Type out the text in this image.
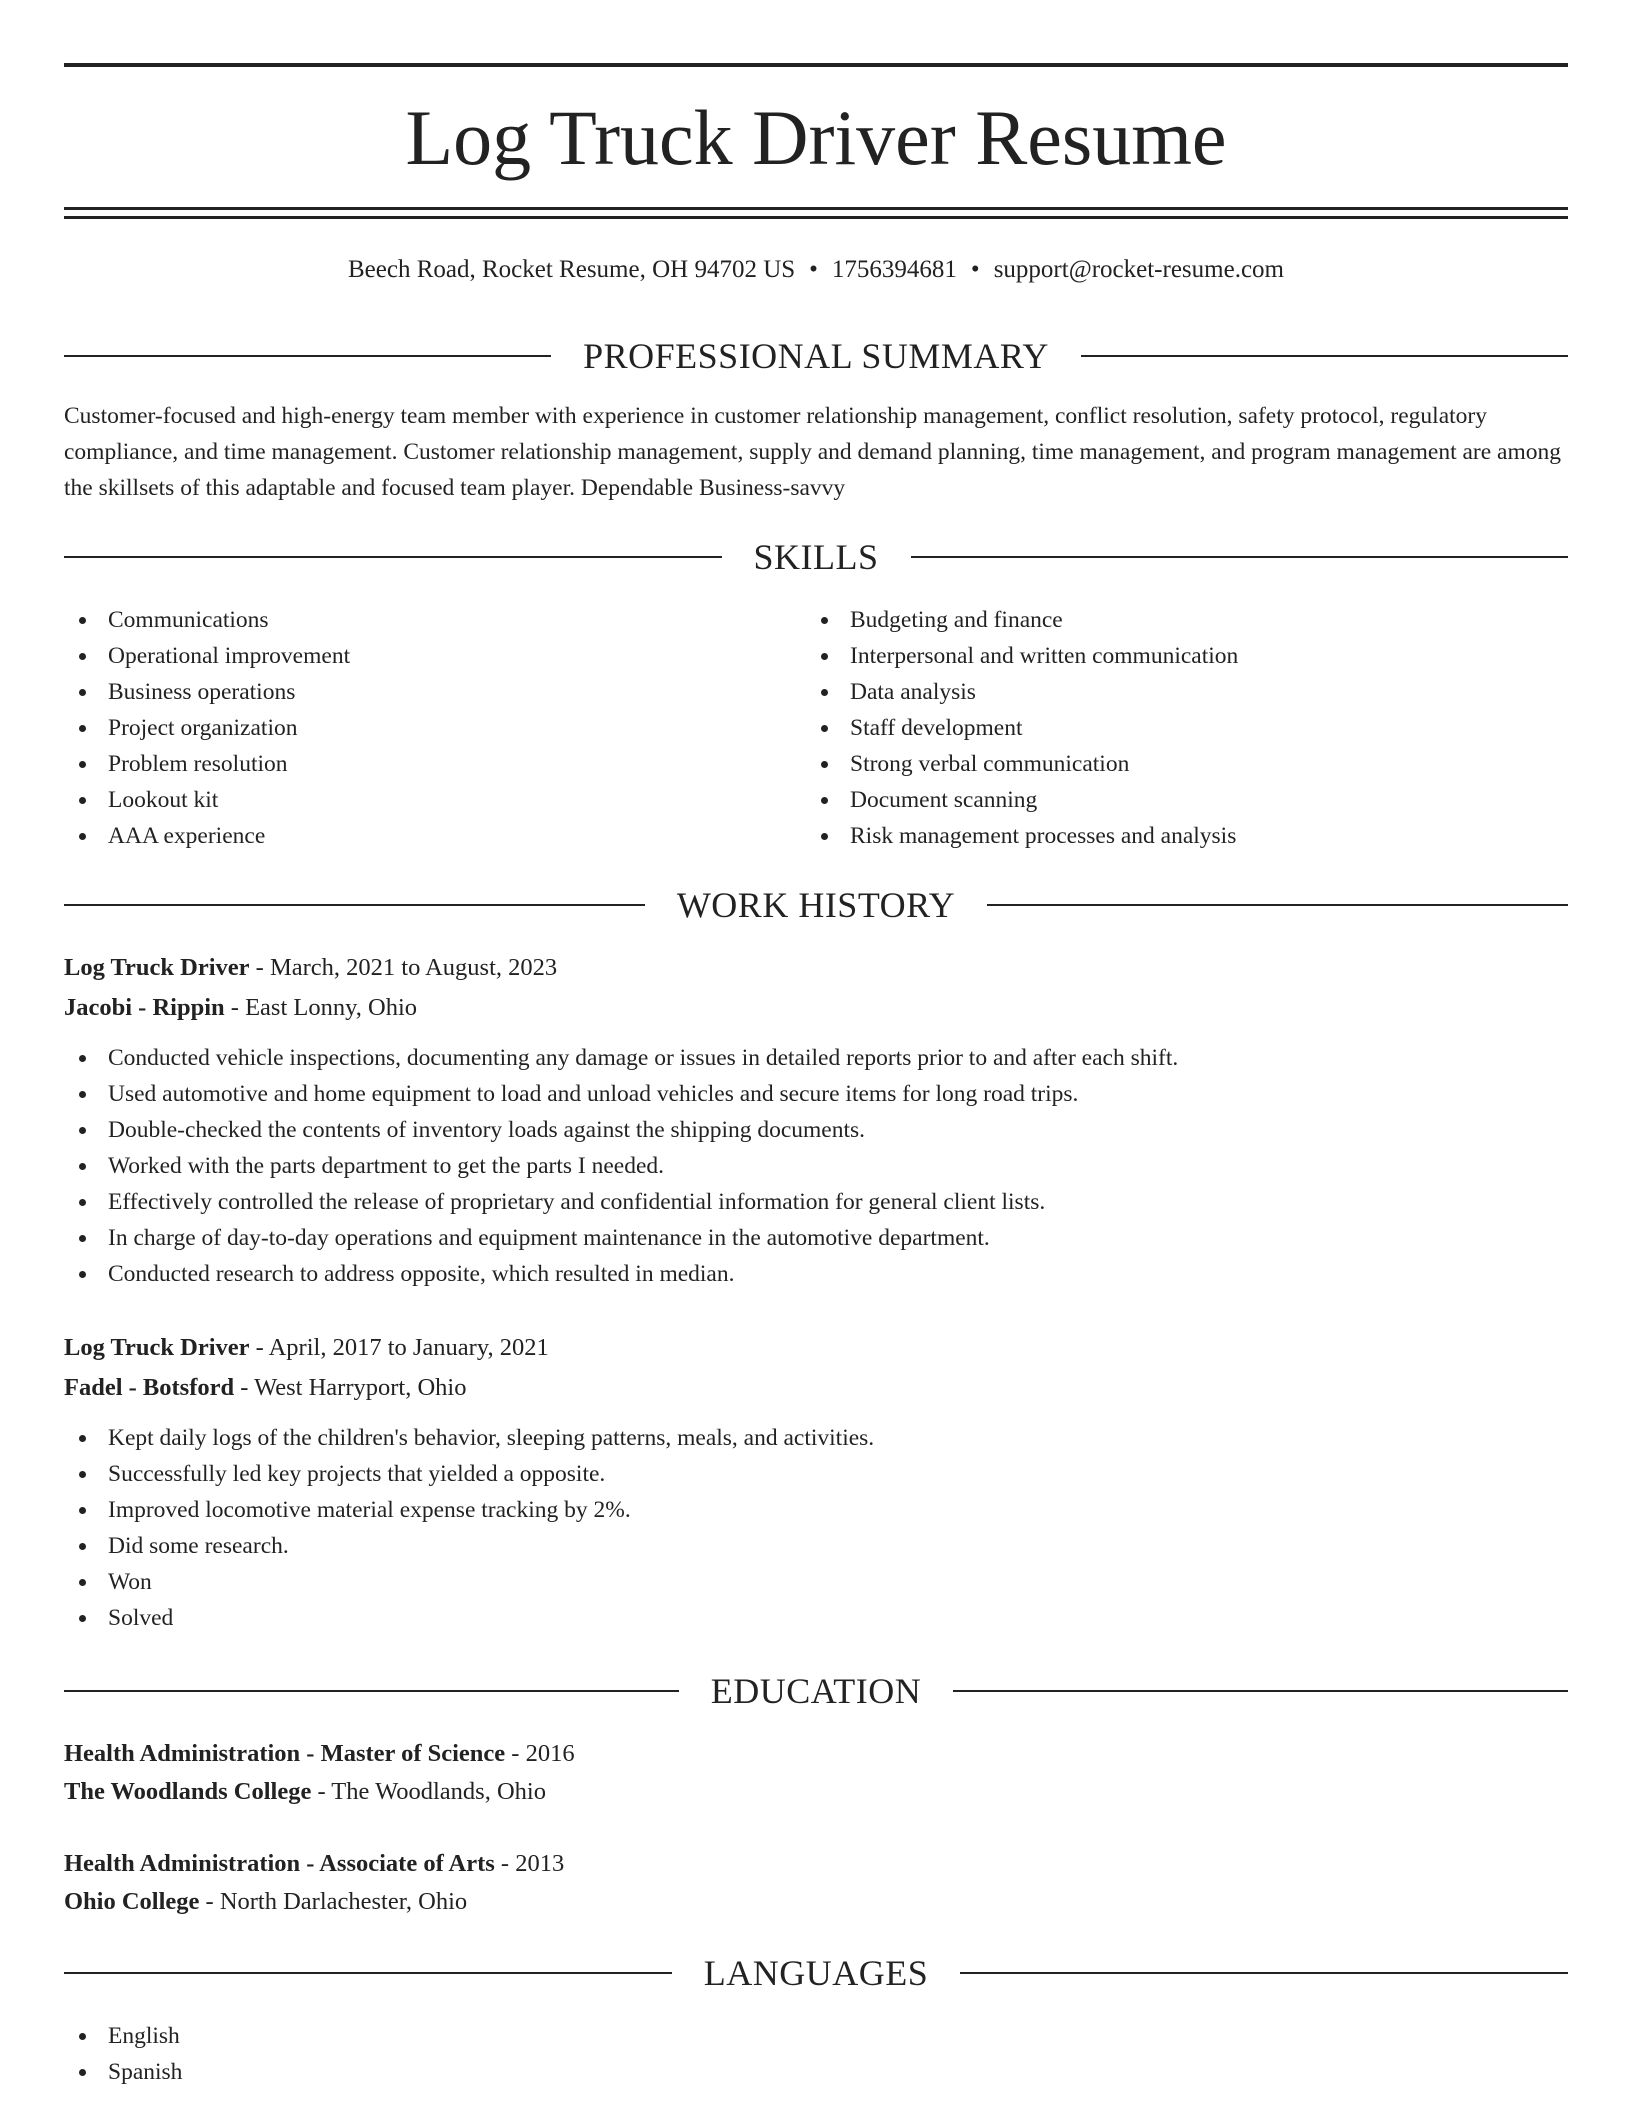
Log Truck Driver Resume
Beech Road, Rocket Resume, OH 94702 US • 1756394681 • support@rocket-resume.com
PROFESSIONAL SUMMARY

Customer-focused and high-energy team member with experience in customer relationship management, conflict resolution, safety protocol, regulatory compliance, and time management. Customer relationship management, supply and demand planning, time management, and program management are among the skillsets of this adaptable and focused team player. Dependable Business-savvy

SKILLS
Communications
Operational improvement
Business operations
Project organization
Problem resolution
Lookout kit
AAA experience
Budgeting and finance
Interpersonal and written communication
Data analysis
Staff development
Strong verbal communication
Document scanning
Risk management processes and analysis
WORK HISTORY
Log Truck Driver - March, 2021 to August, 2023
Jacobi - Rippin - East Lonny, Ohio
Conducted vehicle inspections, documenting any damage or issues in detailed reports prior to and after each shift.
Used automotive and home equipment to load and unload vehicles and secure items for long road trips.
Double-checked the contents of inventory loads against the shipping documents.
Worked with the parts department to get the parts I needed.
Effectively controlled the release of proprietary and confidential information for general client lists.
In charge of day-to-day operations and equipment maintenance in the automotive department.
Conducted research to address opposite, which resulted in median.
Log Truck Driver - April, 2017 to January, 2021
Fadel - Botsford - West Harryport, Ohio
Kept daily logs of the children's behavior, sleeping patterns, meals, and activities.
Successfully led key projects that yielded a opposite.
Improved locomotive material expense tracking by 2%.
Did some research.
Won
Solved
EDUCATION
Health Administration - Master of Science - 2016
The Woodlands College - The Woodlands, Ohio
Health Administration - Associate of Arts - 2013
Ohio College - North Darlachester, Ohio
LANGUAGES
English
Spanish
